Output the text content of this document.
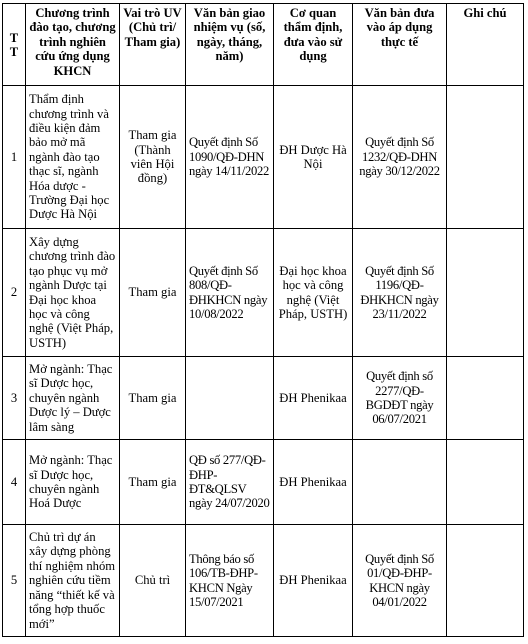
TT	Chương trình đào tạo, chương trình nghiên cứu ứng dụng KHCN	Vai trò UV (Chủ trì/ Tham gia)	Văn bản giao nhiệm vụ (số, ngày, tháng, năm)	Cơ quan thẩm định, đưa vào sử dụng	Văn bản đưa vào áp dụng thực tế	Ghi chú
1	Thẩm định chương trình và điều kiện đảm bảo mở mã ngành đào tạo thạc sĩ, ngành Hóa dược - Trường Đại học Dược Hà Nội	Tham gia (Thành viên Hội đồng)	Quyết định Số 1090/QĐ-DHN ngày 14/11/2022	ĐH Dược Hà Nội	Quyết định Số 1232/QĐ-DHN ngày 30/12/2022	
2	Xây dựng chương trình đào tạo phục vụ mở ngành Dược tại Đại học khoa học và công nghệ (Việt Pháp, USTH)	Tham gia	Quyết định Số 808/QĐ-ĐHKHCN ngày 10/08/2022	Đại học khoa học và công nghệ (Việt Pháp, USTH)	Quyết định Số 1196/QĐ-ĐHKHCN ngày 23/11/2022	
3	Mở ngành: Thạc sĩ Dược học, chuyên ngành Dược lý – Dược lâm sàng	Tham gia		ĐH Phenikaa	Quyết định số 2277/QĐ-BGDĐT ngày 06/07/2021	
4	Mở ngành: Thạc sĩ Dược học, chuyên ngành Hoá Dược	Tham gia	QĐ số 277/QĐ-ĐHP-ĐT&QLSV ngày 24/07/2020	ĐH Phenikaa		
5	Chủ trì dự án xây dựng phòng thí nghiệm nhóm nghiên cứu tiềm năng “thiết kế và tổng hợp thuốc mới”	Chủ trì	Thông báo số 106/TB-ĐHP-KHCN Ngày 15/07/2021	ĐH Phenikaa	Quyết định Số 01/QĐ-ĐHP-KHCN ngày 04/01/2022	
